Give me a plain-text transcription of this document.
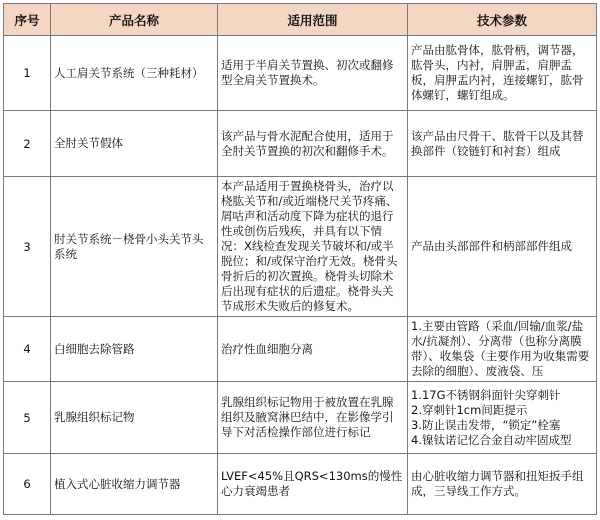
序号	产品名称	适用范围	技术参数
1	人工肩关节系统（三种耗材）	适用于半肩关节置换、初次或翻修型全肩关节置换术。	产品由肱骨体，肱骨柄，调节器，肱骨头，内衬，肩胛盂，肩胛盂板，肩胛盂内衬，连接螺钉，肱骨体螺钉，螺钉组成。
2	全肘关节假体	该产品与骨水泥配合使用，适用于全肘关节置换的初次和翻修手术。	该产品由尺骨干、肱骨干以及其替换部件（铰链钉和衬套）组成
3	肘关节系统－桡骨小头关节头系统	本产品适用于置换桡骨头，治疗以桡肱关节和/或近端桡尺关节疼痛、屑咕声和活动度下降为症状的退行性或创伤后残疾，并具有以下情况：X线检查发现关节破坏和/或半脱位；和/或保守治疗无效。桡骨头骨折后的初次置换。桡骨头切除术后出现有症状的后遗症。桡骨头关节成形术失败后的修复术。	产品由头部部件和柄部部件组成
4	白细胞去除管路	治疗性血细胞分离	1.主要由管路（采血/回输/血浆/盐水/抗凝剂）、分离带（也称分离膜带）、收集袋（主要作用为收集需要去除的细胞）、废液袋、压

5	乳腺组织标记物	乳腺组织标记物用于被放置在乳腺组织及腋窝淋巴结中，在影像学引导下对活检操作部位进行标记	1.17G不锈钢斜面针尖穿刺针
2.穿刺针1cm间距提示
3.防止误击发带，“锁定”栓塞
4.镍钛诺记忆合金自动牢固成型

6	植入式心脏收缩力调节器	LVEF<45%且QRS<130ms的慢性心力衰竭患者	由心脏收缩力调节器和扭矩扳手组成，三导线工作方式。
